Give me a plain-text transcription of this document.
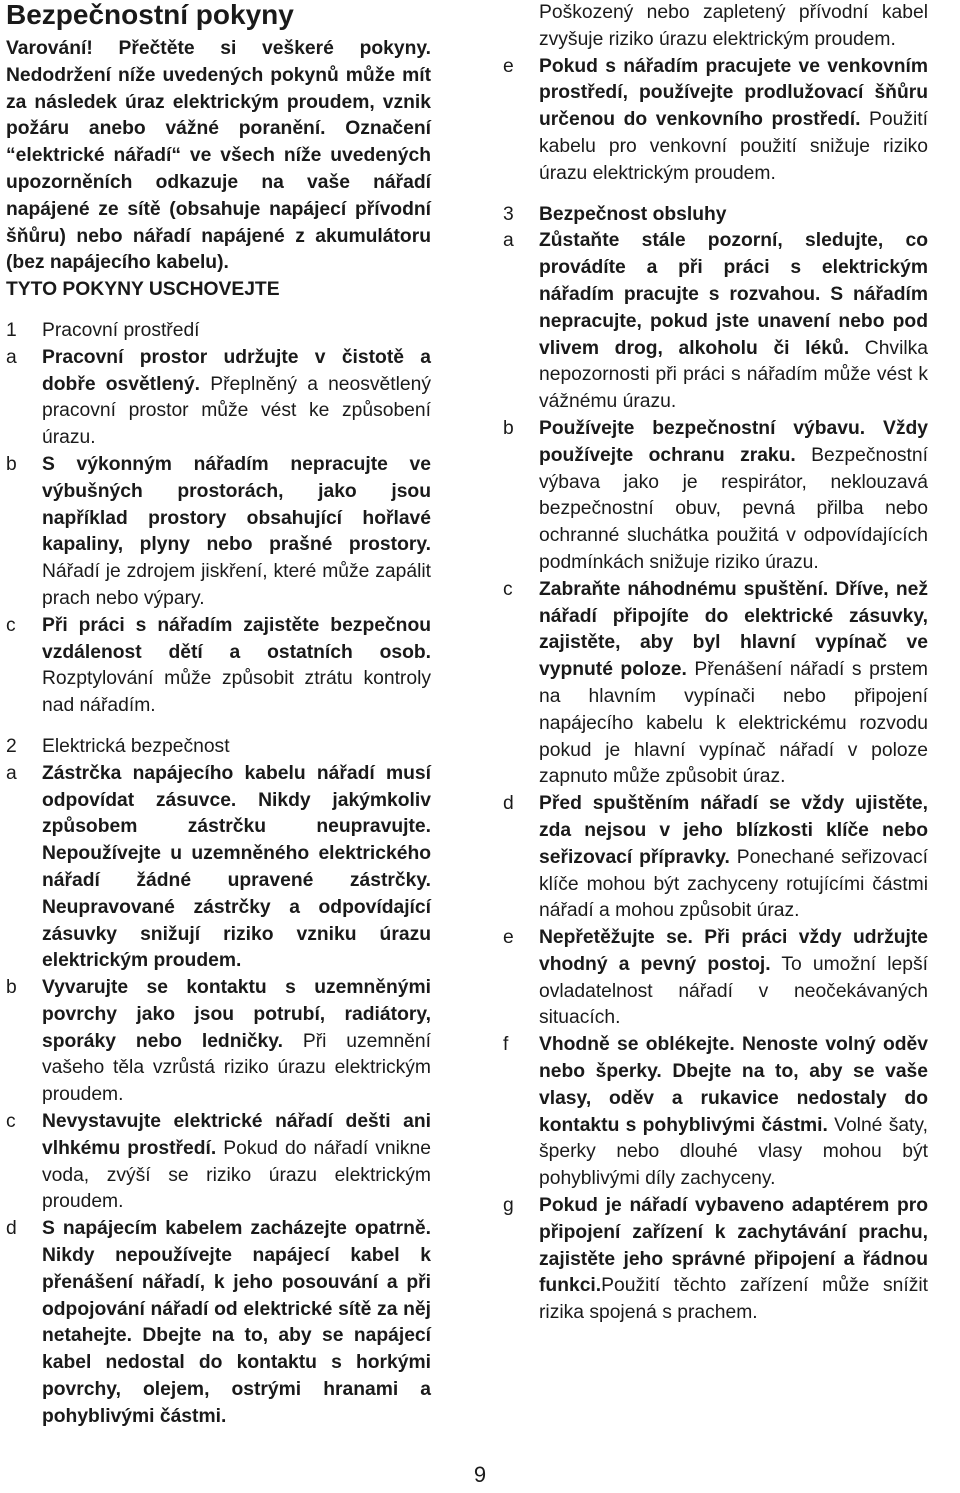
Bezpečnostní pokyny

Varování! Přečtěte si veškeré pokyny. Nedodržení níže uvedených pokynů může mít za následek úraz elektrickým proudem, vznik požáru anebo vážné poranění. Označení “elektrické nářadí“ ve všech níže uvedených upozorněních odkazuje na vaše nářadí napájené ze sítě (obsahuje napájecí přívodní šňůru) nebo nářadí napájené z akumulátoru (bez napájecího kabelu).

TYTO POKYNY USCHOVEJTE

1	Pracovní prostředí
a	Pracovní prostor udržujte v čistotě a dobře osvětlený. Přeplněný a neosvětlený pracovní prostor může vést ke způsobení úrazu.
b	S výkonným nářadím nepracujte ve výbušných prostorách, jako jsou například prostory obsahující hořlavé kapaliny, plyny nebo prašné prostory. Nářadí je zdrojem jiskření, které může zapálit prach nebo výpary.
c	Při práci s nářadím zajistěte bezpečnou vzdálenost dětí a ostatních osob. Rozptylování může způsobit ztrátu kontroly nad nářadím.
2	Elektrická bezpečnost
a	Zástrčka napájecího kabelu nářadí musí odpovídat zásuvce. Nikdy jakýmkoliv způsobem zástrčku neupravujte. Nepoužívejte u uzemněného elektrického nářadí žádné upravené zástrčky. Neupravované zástrčky a odpovídající zásuvky snižují riziko vzniku úrazu elektrickým proudem.
b	Vyvarujte se kontaktu s uzemněnými povrchy jako jsou potrubí, radiátory, sporáky nebo ledničky. Při uzemnění vašeho těla vzrůstá riziko úrazu elektrickým proudem.
c	Nevystavujte elektrické nářadí dešti ani vlhkému prostředí. Pokud do nářadí vnikne voda, zvýší se riziko úrazu elektrickým proudem.
d	S napájecím kabelem zacházejte opatrně. Nikdy nepoužívejte napájecí kabel k přenášení nářadí, k jeho posouvání a při odpojování nářadí od elektrické sítě za něj netahejte. Dbejte na to, aby se napájecí kabel nedostal do kontaktu s horkými povrchy, olejem, ostrými hranami a pohyblivými částmi.
Poškozený nebo zapletený přívodní kabel zvyšuje riziko úrazu elektrickým proudem.
e	Pokud s nářadím pracujete ve venkovním prostředí, používejte prodlužovací šňůru určenou do venkovního prostředí. Použití kabelu pro venkovní použití snižuje riziko úrazu elektrickým proudem.
3	Bezpečnost obsluhy
a	Zůstaňte stále pozorní, sledujte, co provádíte a při práci s elektrickým nářadím pracujte s rozvahou. S nářadím nepracujte, pokud jste unavení nebo pod vlivem drog, alkoholu či léků. Chvilka nepozornosti při práci s nářadím může vést k vážnému úrazu.
b	Používejte bezpečnostní výbavu. Vždy používejte ochranu zraku. Bezpečnostní výbava jako je respirátor, neklouzavá bezpečnostní obuv, pevná přilba nebo ochranné sluchátka použitá v odpovídajících podmínkách snižuje riziko úrazu.
c	Zabraňte náhodnému spuštění. Dříve, než nářadí připojíte do elektrické zásuvky, zajistěte, aby byl hlavní vypínač ve vypnuté poloze. Přenášení nářadí s prstem na hlavním vypínači nebo připojení napájecího kabelu k elektrickému rozvodu pokud je hlavní vypínač nářadí v poloze zapnuto může způsobit úraz.
d	Před spuštěním nářadí se vždy ujistěte, zda nejsou v jeho blízkosti klíče nebo seřizovací přípravky. Ponechané seřizovací klíče mohou být zachyceny rotujícími částmi nářadí a mohou způsobit úraz.
e	Nepřetěžujte se. Při práci vždy udržujte vhodný a pevný postoj. To umožní lepší ovladatelnost nářadí v neočekávaných situacích.
f	Vhodně se oblékejte. Nenoste volný oděv nebo šperky. Dbejte na to, aby se vaše vlasy, oděv a rukavice nedostaly do kontaktu s pohyblivými částmi. Volné šaty, šperky nebo dlouhé vlasy mohou být pohyblivými díly zachyceny.
g	Pokud je nářadí vybaveno adaptérem pro připojení zařízení k zachytávání prachu, zajistěte jeho správné připojení a řádnou funkci.Použití těchto zařízení může snížit rizika spojená s prachem.
9
